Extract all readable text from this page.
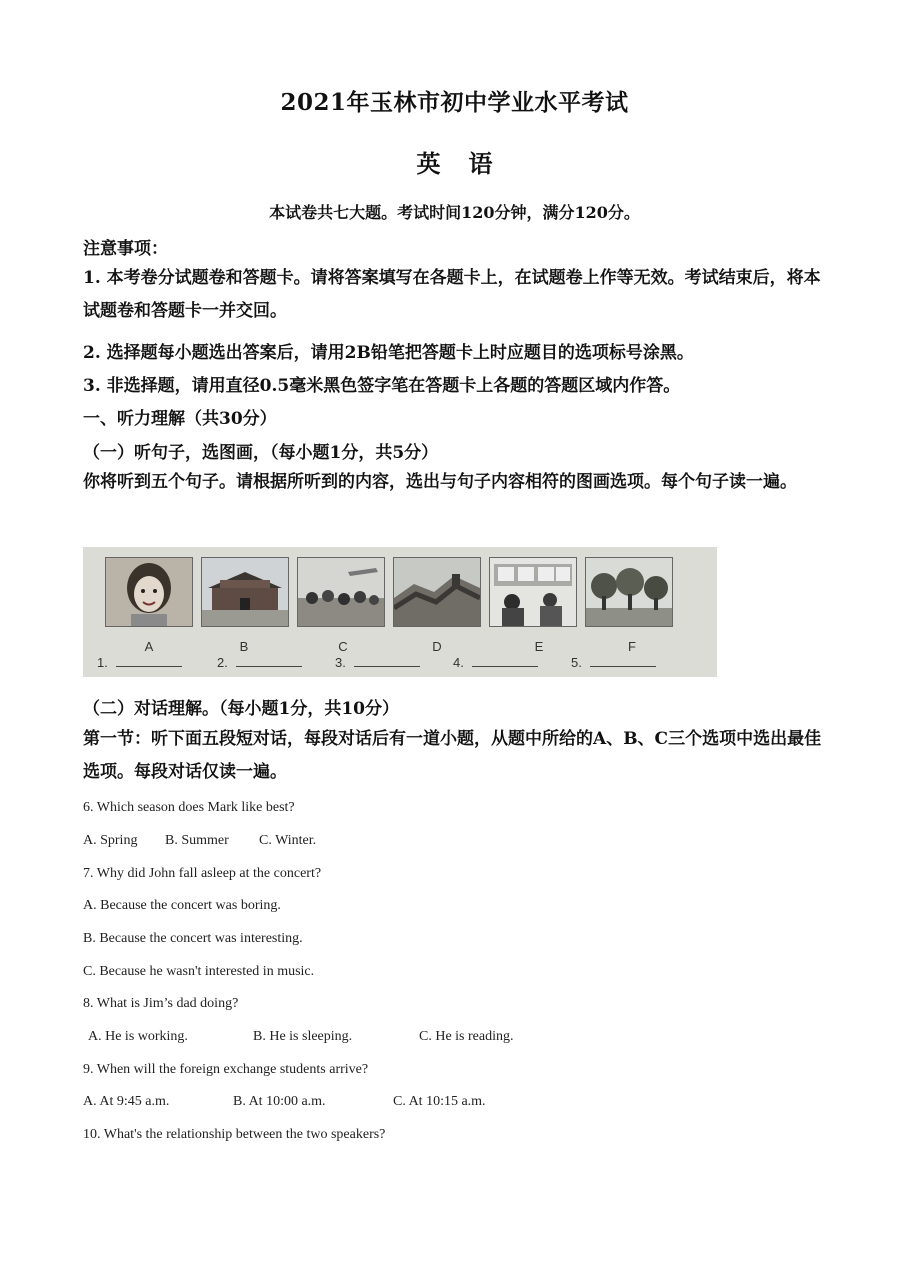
2021年玉林市初中学业水平考试
英语
本试卷共七大题。考试时间120分钟，满分120分。
注意事项：
1. 本考卷分试题卷和答题卡。请将答案填写在各题卡上，在试题卷上作等无效。考试结束后，将本试题卷和答题卡一并交回。
2. 选择题每小题选出答案后，请用2B铅笔把答题卡上时应题目的选项标号涂黑。
3. 非选择题，请用直径0.5毫米黑色签字笔在答题卡上各题的答题区域内作答。
一、听力理解（共30分）
（一）听句子，选图画，（每小题1分，共5分）
你将听到五个句子。请根据所听到的内容，选出与句子内容相符的图画选项。每个句子读一遍。
A	B	C	D	E	F
1.	2.	3.	4.	5.
（二）对话理解。（每小题1分，共10分）
第一节：听下面五段短对话，每段对话后有一道小题，从题中所给的A、B、C三个选项中选出最佳选项。每段对话仅读一遍。
6. Which season does Mark like best?
A. Spring B. Summer C. Winter.
7. Why did John fall asleep at the concert?
A. Because the concert was boring.
B. Because the concert was interesting.
C. Because he wasn't interested in music.
8. What is Jim’s dad doing?
A. He is working.	B. He is sleeping.	C. He is reading.
9. When will the foreign exchange students arrive?
A. At 9:45 a.m.	B. At 10:00 a.m.	C. At 10:15 a.m.
10. What's the relationship between the two speakers?
